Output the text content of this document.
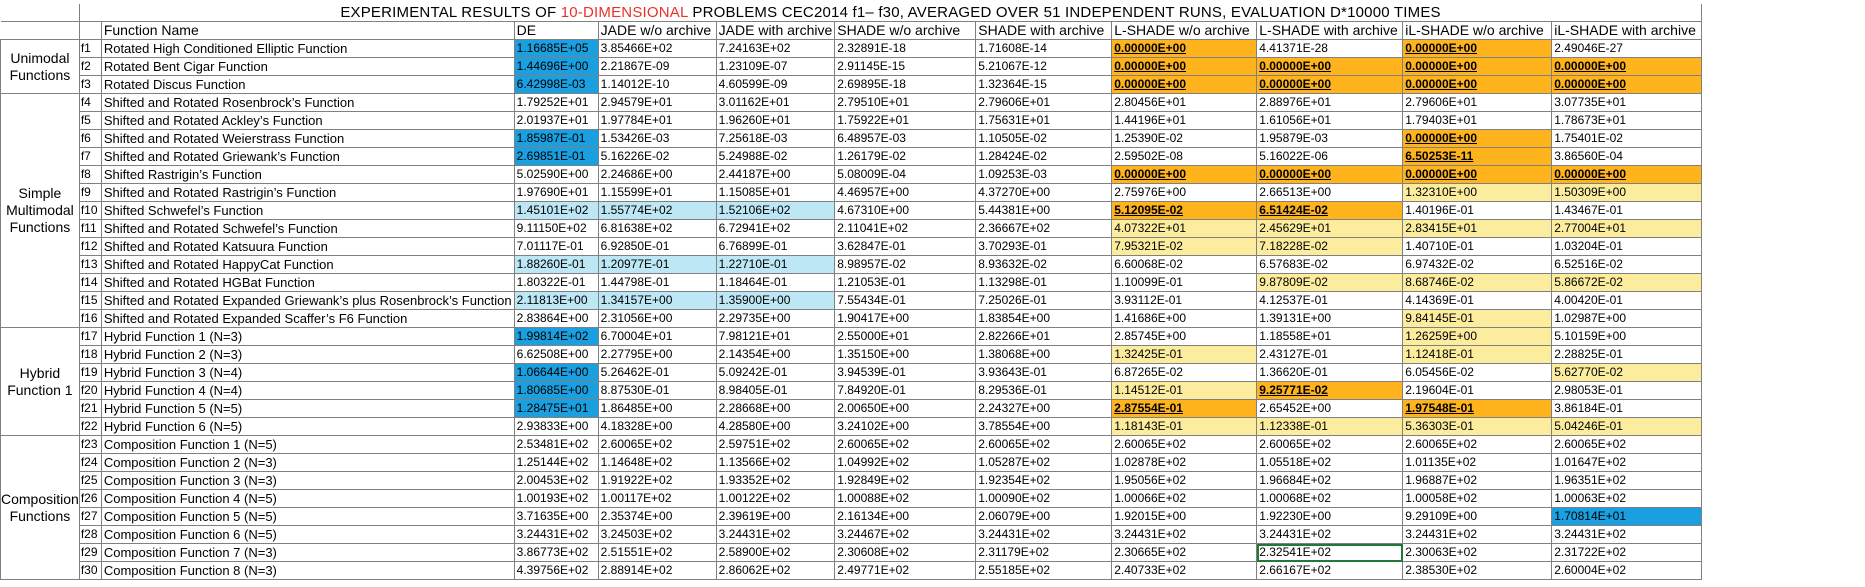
	EXPERIMENTAL RESULTS OF 10-DIMENSIONAL PROBLEMS CEC2014 f1– f30, AVERAGED OVER 51 INDEPENDENT RUNS, EVALUATION D*10000 TIMES										
		Function Name	DE	JADE w/o archive	JADE with archive	SHADE w/o archive	SHADE with archive	L-SHADE w/o archive	L-SHADE with archive	iL-SHADE w/o archive	iL-SHADE with archive
Unimodal Functions	f1	Rotated High Conditioned Elliptic Function	1.16685E+05	3.85466E+02	7.24163E+02	2.32891E-18	1.71608E-14	0.00000E+00	4.41371E-28	0.00000E+00	2.49046E-27
	f2	Rotated Bent Cigar Function	1.44696E+00	2.21867E-09	1.23109E-07	2.91145E-15	5.21067E-12	0.00000E+00	0.00000E+00	0.00000E+00	0.00000E+00
	f3	Rotated Discus Function	6.42998E-03	1.14012E-10	4.60599E-09	2.69895E-18	1.32364E-15	0.00000E+00	0.00000E+00	0.00000E+00	0.00000E+00
Simple Multimodal Functions	f4	Shifted and Rotated Rosenbrock’s Function	1.79252E+01	2.94579E+01	3.01162E+01	2.79510E+01	2.79606E+01	2.80456E+01	2.88976E+01	2.79606E+01	3.07735E+01
	f5	Shifted and Rotated Ackley’s Function	2.01937E+01	1.97784E+01	1.96260E+01	1.75922E+01	1.75631E+01	1.44196E+01	1.61056E+01	1.79403E+01	1.78673E+01
	f6	Shifted and Rotated Weierstrass Function	1.85987E-01	1.53426E-03	7.25618E-03	6.48957E-03	1.10505E-02	1.25390E-02	1.95879E-03	0.00000E+00	1.75401E-02
	f7	Shifted and Rotated Griewank’s Function	2.69851E-01	5.16226E-02	5.24988E-02	1.26179E-02	1.28424E-02	2.59502E-08	5.16022E-06	6.50253E-11	3.86560E-04
	f8	Shifted Rastrigin’s Function	5.02590E+00	2.24686E+00	2.44187E+00	5.08009E-04	1.09253E-03	0.00000E+00	0.00000E+00	0.00000E+00	0.00000E+00
	f9	Shifted and Rotated Rastrigin’s Function	1.97690E+01	1.15599E+01	1.15085E+01	4.46957E+00	4.37270E+00	2.75976E+00	2.66513E+00	1.32310E+00	1.50309E+00
	f10	Shifted Schwefel’s Function	1.45101E+02	1.55774E+02	1.52106E+02	4.67310E+00	5.44381E+00	5.12095E-02	6.51424E-02	1.40196E-01	1.43467E-01
	f11	Shifted and Rotated Schwefel’s Function	9.11150E+02	6.81638E+02	6.72941E+02	2.11041E+02	2.36667E+02	4.07322E+01	2.45629E+01	2.83415E+01	2.77004E+01
	f12	Shifted and Rotated Katsuura Function	7.01117E-01	6.92850E-01	6.76899E-01	3.62847E-01	3.70293E-01	7.95321E-02	7.18228E-02	1.40710E-01	1.03204E-01
	f13	Shifted and Rotated HappyCat Function	1.88260E-01	1.20977E-01	1.22710E-01	8.98957E-02	8.93632E-02	6.60068E-02	6.57683E-02	6.97432E-02	6.52516E-02
	f14	Shifted and Rotated HGBat Function	1.80322E-01	1.44798E-01	1.18464E-01	1.21053E-01	1.13298E-01	1.10099E-01	9.87809E-02	8.68746E-02	5.86672E-02
	f15	Shifted and Rotated Expanded Griewank’s plus Rosenbrock’s Function	2.11813E+00	1.34157E+00	1.35900E+00	7.55434E-01	7.25026E-01	3.93112E-01	4.12537E-01	4.14369E-01	4.00420E-01
	f16	Shifted and Rotated Expanded Scaffer’s F6 Function	2.83864E+00	2.31056E+00	2.29735E+00	1.90417E+00	1.83854E+00	1.41686E+00	1.39131E+00	9.84145E-01	1.02987E+00
Hybrid Function 1	f17	Hybrid Function 1 (N=3)	1.99814E+02	6.70004E+01	7.98121E+01	2.55000E+01	2.82266E+01	2.85745E+00	1.18558E+01	1.26259E+00	5.10159E+00
	f18	Hybrid Function 2 (N=3)	6.62508E+00	2.27795E+00	2.14354E+00	1.35150E+00	1.38068E+00	1.32425E-01	2.43127E-01	1.12418E-01	2.28825E-01
	f19	Hybrid Function 3 (N=4)	1.06644E+00	5.26462E-01	5.09242E-01	3.94539E-01	3.93643E-01	6.87265E-02	1.36620E-01	6.05456E-02	5.62770E-02
	f20	Hybrid Function 4 (N=4)	1.80685E+00	8.87530E-01	8.98405E-01	7.84920E-01	8.29536E-01	1.14512E-01	9.25771E-02	2.19604E-01	2.98053E-01
	f21	Hybrid Function 5 (N=5)	1.28475E+01	1.86485E+00	2.28668E+00	2.00650E+00	2.24327E+00	2.87554E-01	2.65452E+00	1.97548E-01	3.86184E-01
	f22	Hybrid Function 6 (N=5)	2.93833E+00	4.18328E+00	4.28580E+00	3.24102E+00	3.78554E+00	1.18143E-01	1.12338E-01	5.36303E-01	5.04246E-01
Composition Functions	f23	Composition Function 1 (N=5)	2.53481E+02	2.60065E+02	2.59751E+02	2.60065E+02	2.60065E+02	2.60065E+02	2.60065E+02	2.60065E+02	2.60065E+02
	f24	Composition Function 2 (N=3)	1.25144E+02	1.14648E+02	1.13566E+02	1.04992E+02	1.05287E+02	1.02878E+02	1.05518E+02	1.01135E+02	1.01647E+02
	f25	Composition Function 3 (N=3)	2.00453E+02	1.91922E+02	1.93352E+02	1.92849E+02	1.92354E+02	1.95056E+02	1.96684E+02	1.96887E+02	1.96351E+02
	f26	Composition Function 4 (N=5)	1.00193E+02	1.00117E+02	1.00122E+02	1.00088E+02	1.00090E+02	1.00066E+02	1.00068E+02	1.00058E+02	1.00063E+02
	f27	Composition Function 5 (N=5)	3.71635E+00	2.35374E+00	2.39619E+00	2.16134E+00	2.06079E+00	1.92015E+00	1.92230E+00	9.29109E+00	1.70814E+01
	f28	Composition Function 6 (N=5)	3.24431E+02	3.24503E+02	3.24431E+02	3.24467E+02	3.24431E+02	3.24431E+02	3.24431E+02	3.24431E+02	3.24431E+02
	f29	Composition Function 7 (N=3)	3.86773E+02	2.51551E+02	2.58900E+02	2.30608E+02	2.31179E+02	2.30665E+02	2.32541E+02	2.30063E+02	2.31722E+02
	f30	Composition Function 8 (N=3)	4.39756E+02	2.88914E+02	2.86062E+02	2.49771E+02	2.55185E+02	2.40733E+02	2.66167E+02	2.38530E+02	2.60004E+02
